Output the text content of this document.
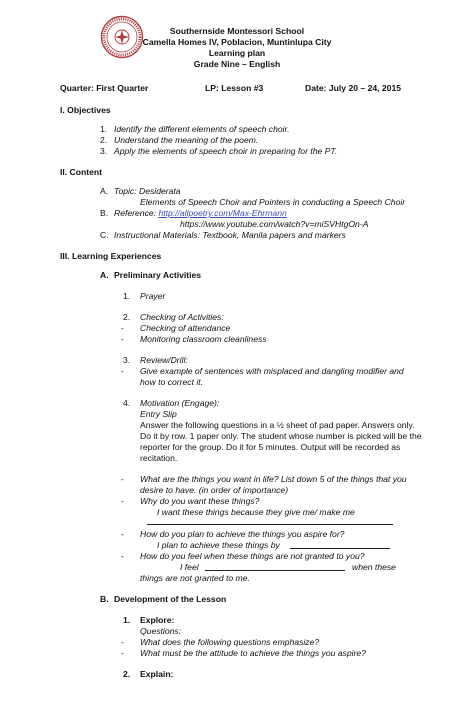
Southernside Montessori School
Camella Homes IV, Poblacion, Muntinlupa City
Learning plan
Grade Nine – English
Quarter: First Quarter	LP: Lesson #3	Date: July 20 – 24, 2015
I. Objectives
1. Identify the different elements of speech choir.
2. Understand the meaning of the poem.
3. Apply the elements of speech choir in preparing for the PT.
II. Content
A. Topic: Desiderata
Elements of Speech Choir and Pointers in conducting a Speech Choir
B. Reference: http://allpoetry.com/Max-Ehrmann
https://www.youtube.com/watch?v=miSVHtgOn-A
C. Instructional Materials: Textbook, Manila papers and markers
III. Learning Experiences
A. Preliminary Activities
1. Prayer
2. Checking of Activities:
- Checking of attendance
- Monitoring classroom cleanliness
3. Review/Drill:
- Give example of sentences with misplaced and dangling modifier and
how to correct it.
4. Motivation (Engage):
Entry Slip
Answer the following questions in a ½ sheet of pad paper. Answers only.
Do it by row. 1 paper only. The student whose number is picked will be the
reporter for the group. Do it for 5 minutes. Output will be recorded as
recitation.
- What are the things you want in life? List down 5 of the things that you
desire to have. (in order of importance)
- Why do you want these things?
I want these things because they give me/ make me
- How do you plan to achieve the things you aspire for?
I plan to achieve these things by
- How do you feel when these things are not granted to you?
I feel	when these
things are not granted to me.
B. Development of the Lesson
1. Explore:
Questions:
- What does the following questions emphasize?
- What must be the attitude to achieve the things you aspire?
2. Explain:
